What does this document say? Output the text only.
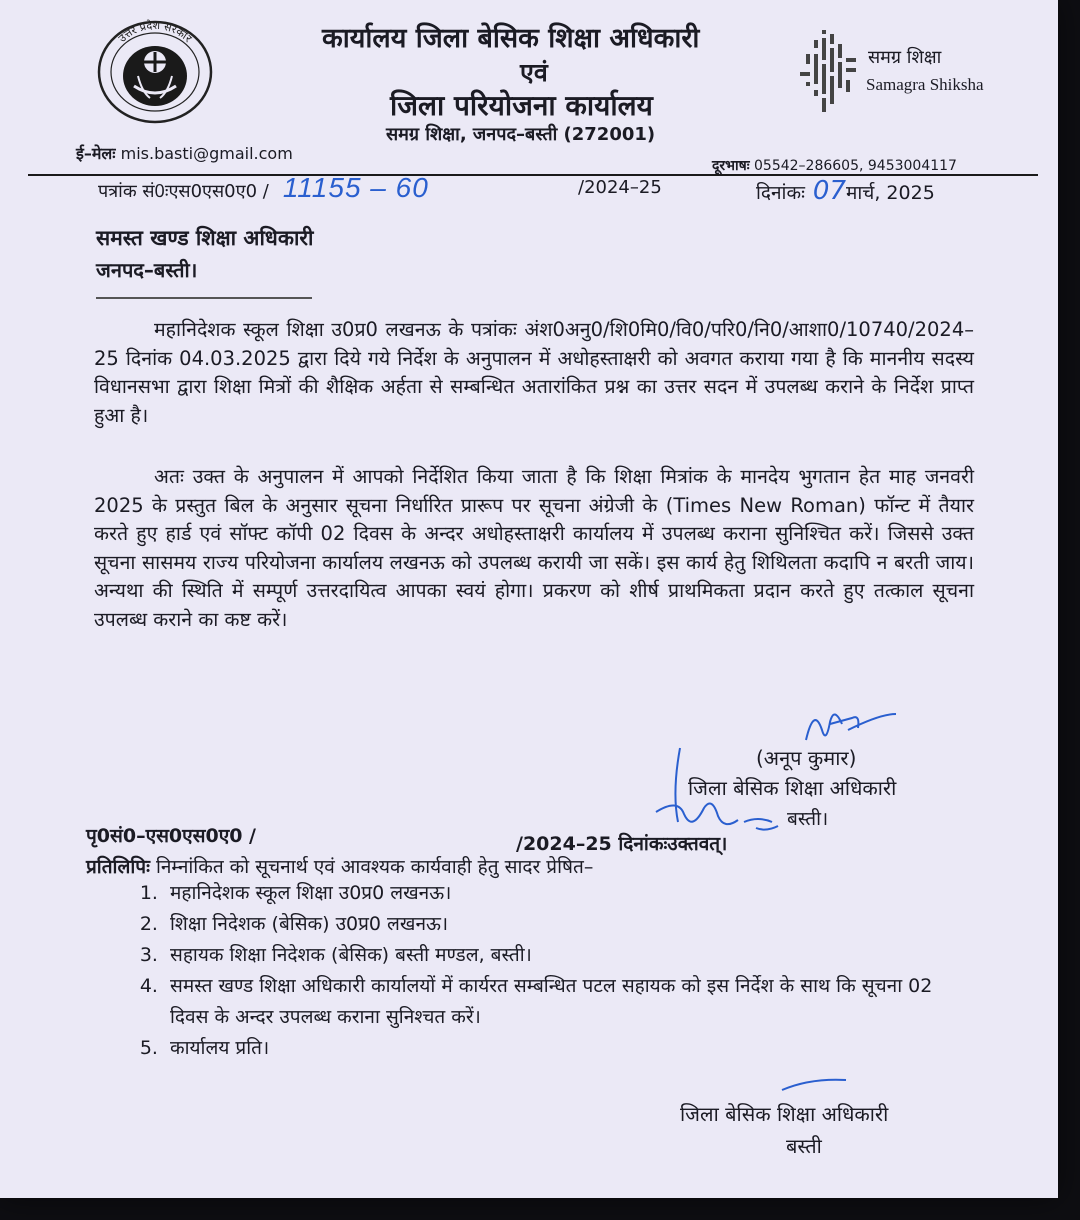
उत्तर प्रदेश सरकार	कार्यालय जिला बेसिक शिक्षा अधिकारी
एवं
जिला परियोजना कार्यालय
समग्र शिक्षा, जनपद–बस्ती (272001)
समग्र शिक्षा
Samagra Shiksha
ई–मेलः mis.basti@gmail.com
दूरभाषः 05542–286605, 9453004117
पत्रांक सं0ःएस0एस0ए0 / 11155 – 60	/2024–25	दिनांकः 07मार्च, 2025
समस्त खण्ड शिक्षा अधिकारी
जनपद–बस्ती।
महानिदेशक स्कूल शिक्षा उ0प्र0 लखनऊ के पत्रांकः अंश0अनु0/शि0मि0/वि0/परि0/नि0/आशा0/10740/2024–25 दिनांक 04.03.2025 द्वारा दिये गये निर्देश के अनुपालन में अधोहस्ताक्षरी को अवगत कराया गया है कि माननीय सदस्य विधानसभा द्वारा शिक्षा मित्रों की शैक्षिक अर्हता से सम्बन्धित अतारांकित प्रश्न का उत्तर सदन में उपलब्ध कराने के निर्देश प्राप्त हुआ है।
अतः उक्त के अनुपालन में आपको निर्देशित किया जाता है कि शिक्षा मित्रांक के मानदेय भुगतान हेत माह जनवरी 2025 के प्रस्तुत बिल के अनुसार सूचना निर्धारित प्रारूप पर सूचना अंग्रेजी के (Times New Roman) फॉन्ट में तैयार करते हुए हार्ड एवं सॉफ्ट कॉपी 02 दिवस के अन्दर अधोहस्ताक्षरी कार्यालय में उपलब्ध कराना सुनिश्चित करें। जिससे उक्त सूचना सासमय राज्य परियोजना कार्यालय लखनऊ को उपलब्ध करायी जा सकें। इस कार्य हेतु शिथिलता कदापि न बरती जाय। अन्यथा की स्थिति में सम्पूर्ण उत्तरदायित्व आपका स्वयं होगा। प्रकरण को शीर्ष प्राथमिकता प्रदान करते हुए तत्काल सूचना उपलब्ध कराने का कष्ट करें।
(अनूप कुमार)
जिला बेसिक शिक्षा अधिकारी
बस्ती।
पृ0सं0–एस0एस0ए0 /	/2024–25 दिनांकःउक्तवत्।
प्रतिलिपिः निम्नांकित को सूचनार्थ एवं आवश्यक कार्यवाही हेतु सादर प्रेषित–
1. महानिदेशक स्कूल शिक्षा उ0प्र0 लखनऊ।
2. शिक्षा निदेशक (बेसिक) उ0प्र0 लखनऊ।
3. सहायक शिक्षा निदेशक (बेसिक) बस्ती मण्डल, बस्ती।
4. समस्त खण्ड शिक्षा अधिकारी कार्यालयों में कार्यरत सम्बन्धित पटल सहायक को इस निर्देश के साथ कि सूचना 02 दिवस के अन्दर उपलब्ध कराना सुनिश्चत करें।
5. कार्यालय प्रति।
जिला बेसिक शिक्षा अधिकारी
बस्ती
